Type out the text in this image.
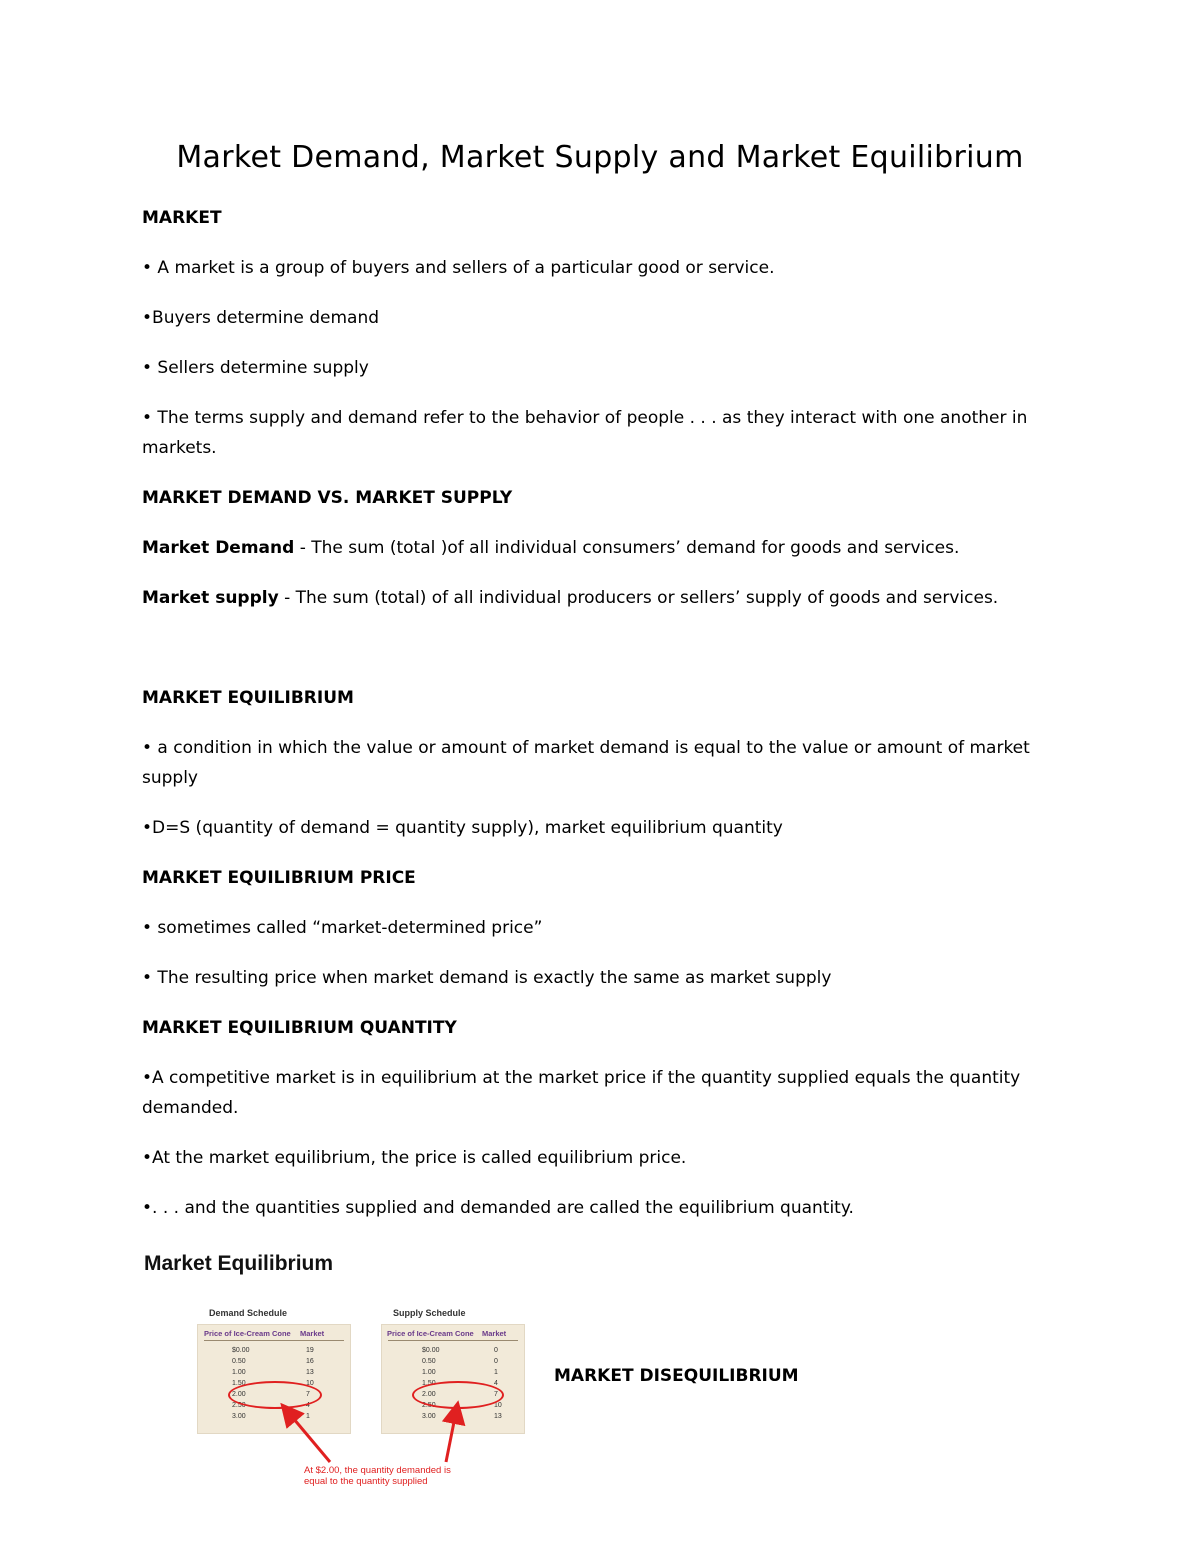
Market Demand, Market Supply and Market Equilibrium

MARKET

• A market is a group of buyers and sellers of a particular good or service.

•Buyers determine demand

• Sellers determine supply

• The terms supply and demand refer to the behavior of people . . . as they interact with one another in

markets.

MARKET DEMAND VS. MARKET SUPPLY

Market Demand - The sum (total )of all individual consumers’ demand for goods and services.

Market supply - The sum (total) of all individual producers or sellers’ supply of goods and services.

MARKET EQUILIBRIUM

• a condition in which the value or amount of market demand is equal to the value or amount of market

supply

•D=S (quantity of demand = quantity supply), market equilibrium quantity

MARKET EQUILIBRIUM PRICE

• sometimes called “market-determined price”

• The resulting price when market demand is exactly the same as market supply

MARKET EQUILIBRIUM QUANTITY

•A competitive market is in equilibrium at the market price if the quantity supplied equals the quantity

demanded.

•At the market equilibrium, the price is called equilibrium price.

•. . . and the quantities supplied and demanded are called the equilibrium quantity.

Market Equilibrium

Demand Schedule
Price of Ice-Cream Cone Market
$0.00	19
0.50	16
1.00	13
1.50	10
2.00	7
2.50	4
3.00	1
Supply Schedule
Price of Ice-Cream Cone Market
$0.00	0
0.50	0
1.00	1
1.50	4
2.00	7
2.50	10
3.00	13

At $2.00, the quantity demanded is
equal to the quantity supplied

MARKET DISEQUILIBRIUM
